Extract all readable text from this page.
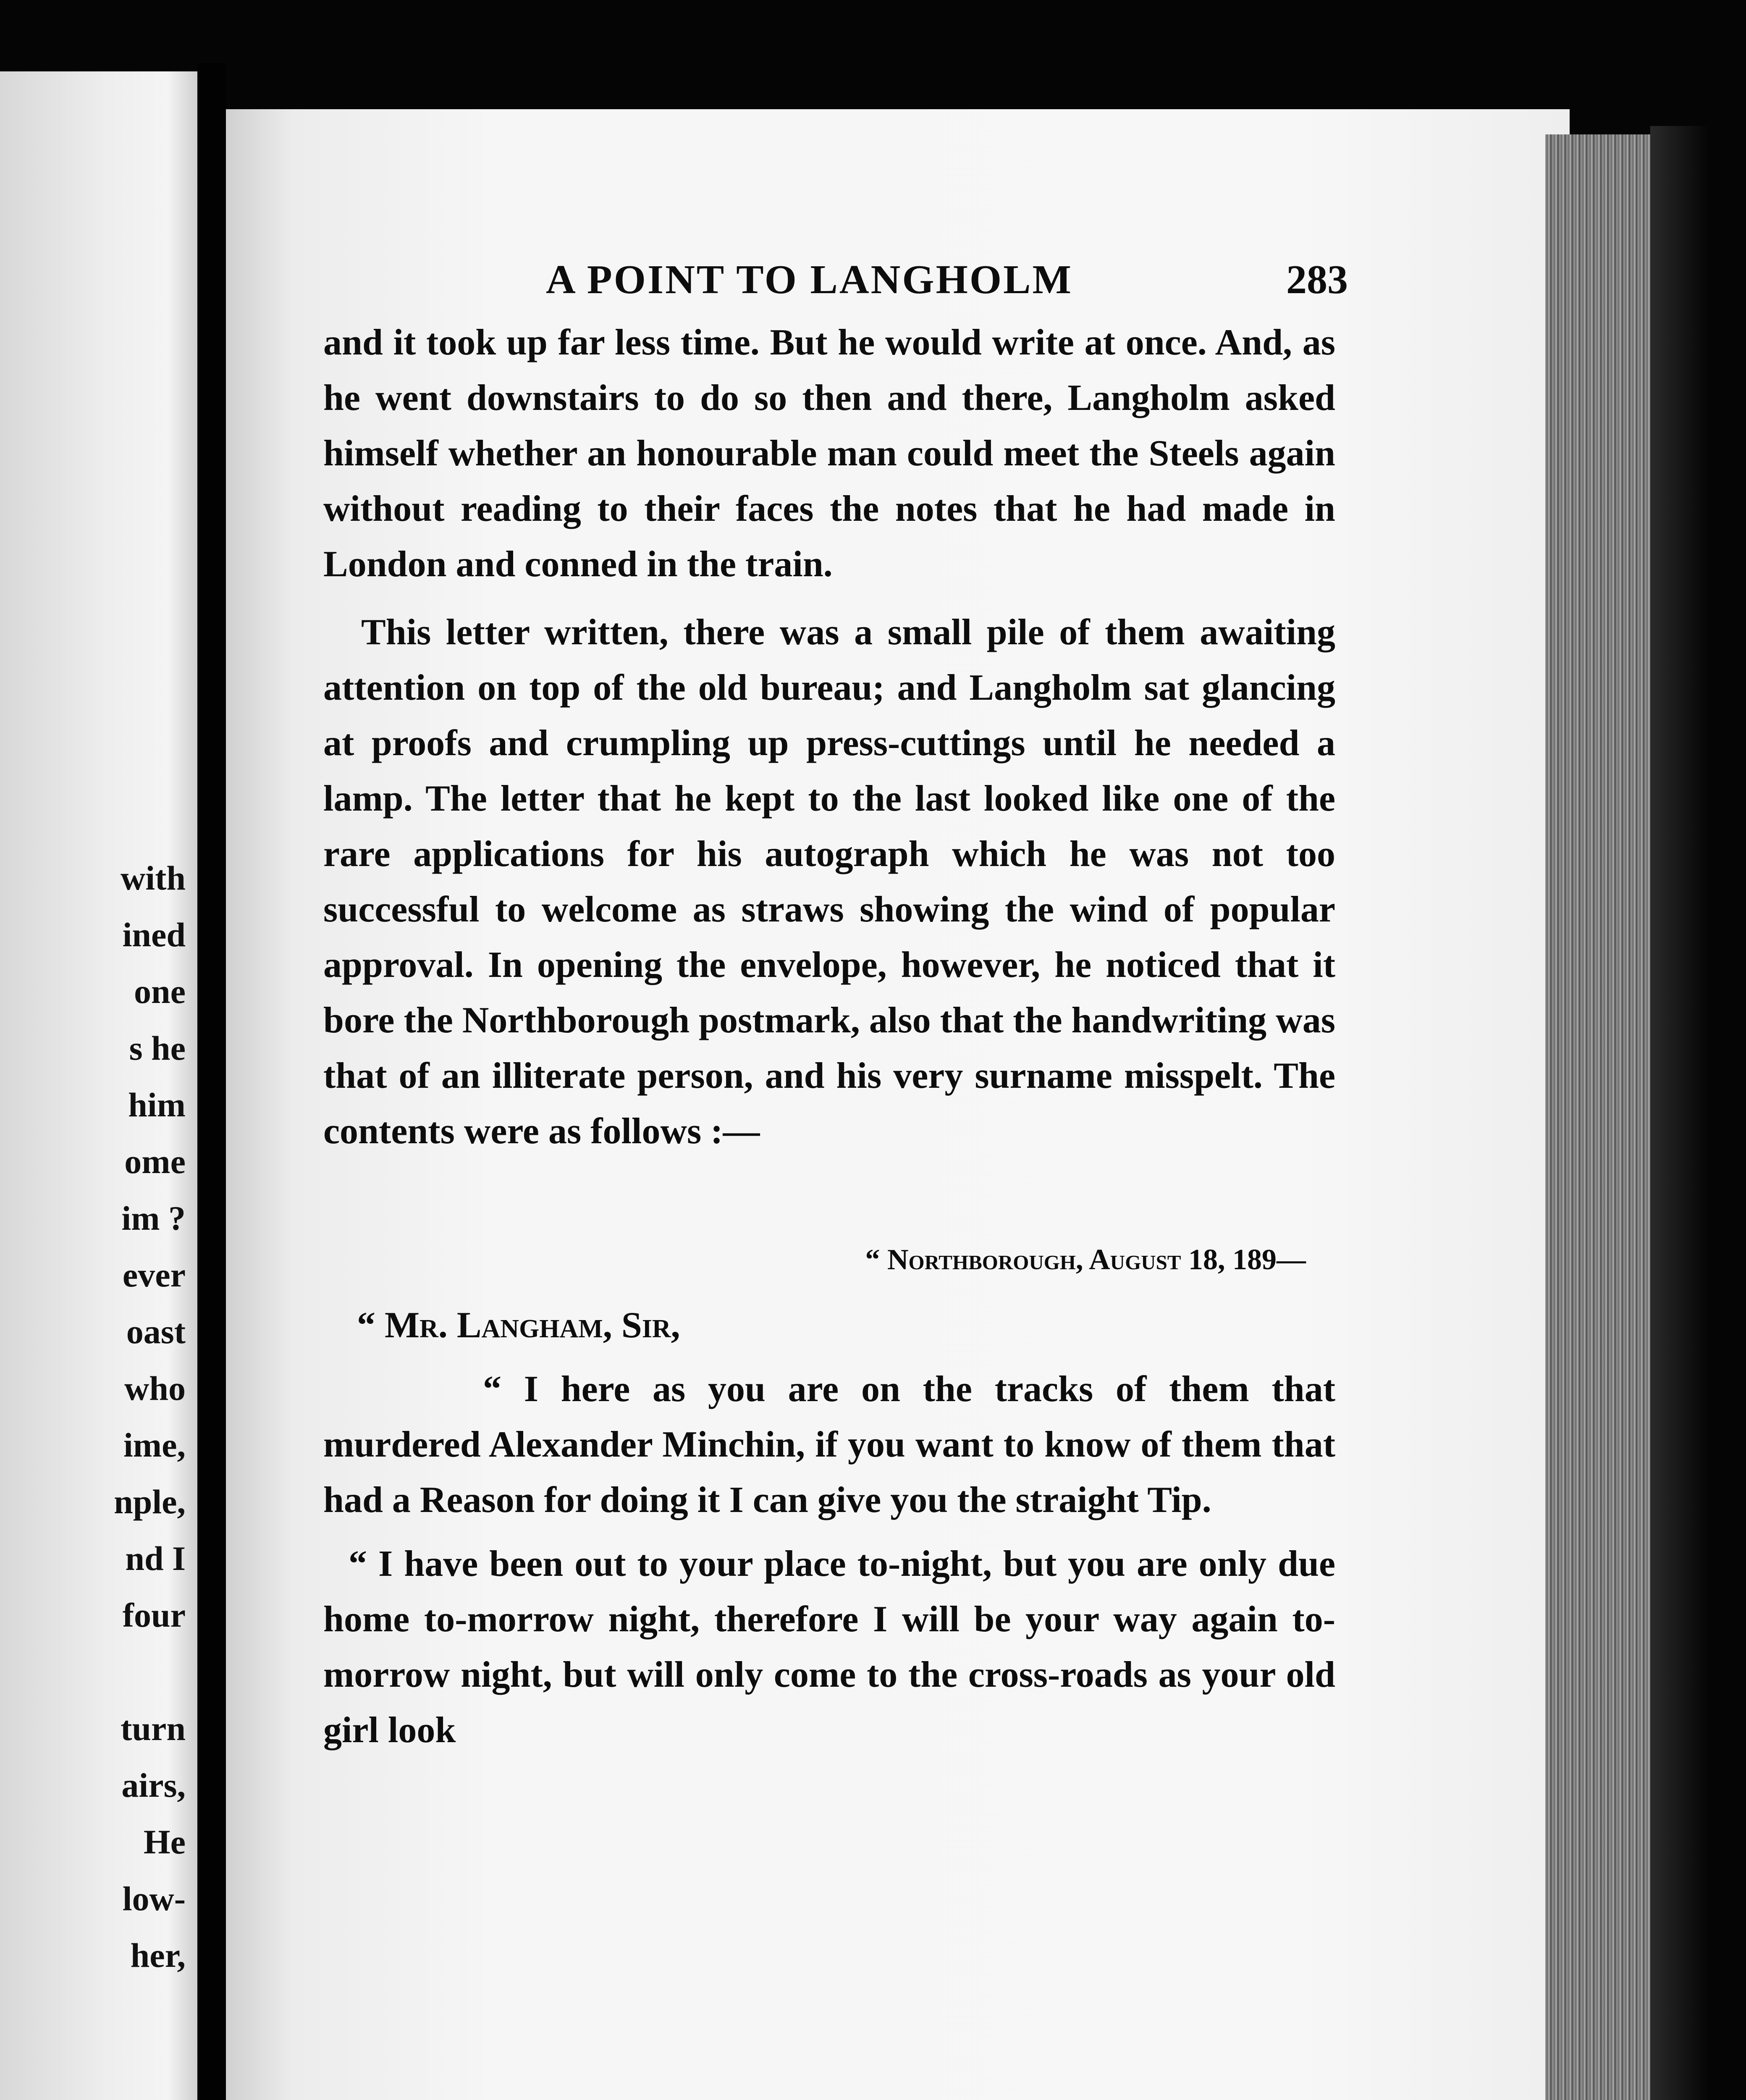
with

ined

one

s he

him

ome

im ?

ever

oast

who

ime,

nple,

nd I

four

turn

airs,

He

low-

her,

A POINT TO LANGHOLM	283

and it took up far less time. But he would write at once. And, as he went downstairs to do so then and there, Langholm asked himself whether an honourable man could meet the Steels again without reading to their faces the notes that he had made in London and conned in the train.

This letter written, there was a small pile of them awaiting attention on top of the old bureau; and Langholm sat glancing at proofs and crumpling up press-cuttings until he needed a lamp. The letter that he kept to the last looked like one of the rare applications for his autograph which he was not too successful to welcome as straws showing the wind of popular approval. In opening the envelope, however, he noticed that it bore the Northborough postmark, also that the handwriting was that of an illiterate person, and his very surname misspelt. The contents were as follows :—

“ Northborough, August 18, 189—

“ Mr. Langham, Sir,

“ I here as you are on the tracks of them that murdered Alexander Minchin, if you want to know of them that had a Reason for doing it I can give you the straight Tip.

“ I have been out to your place to-night, but you are only due home to-morrow night, therefore I will be your way again to-morrow night, but will only come to the cross-roads as your old girl look
